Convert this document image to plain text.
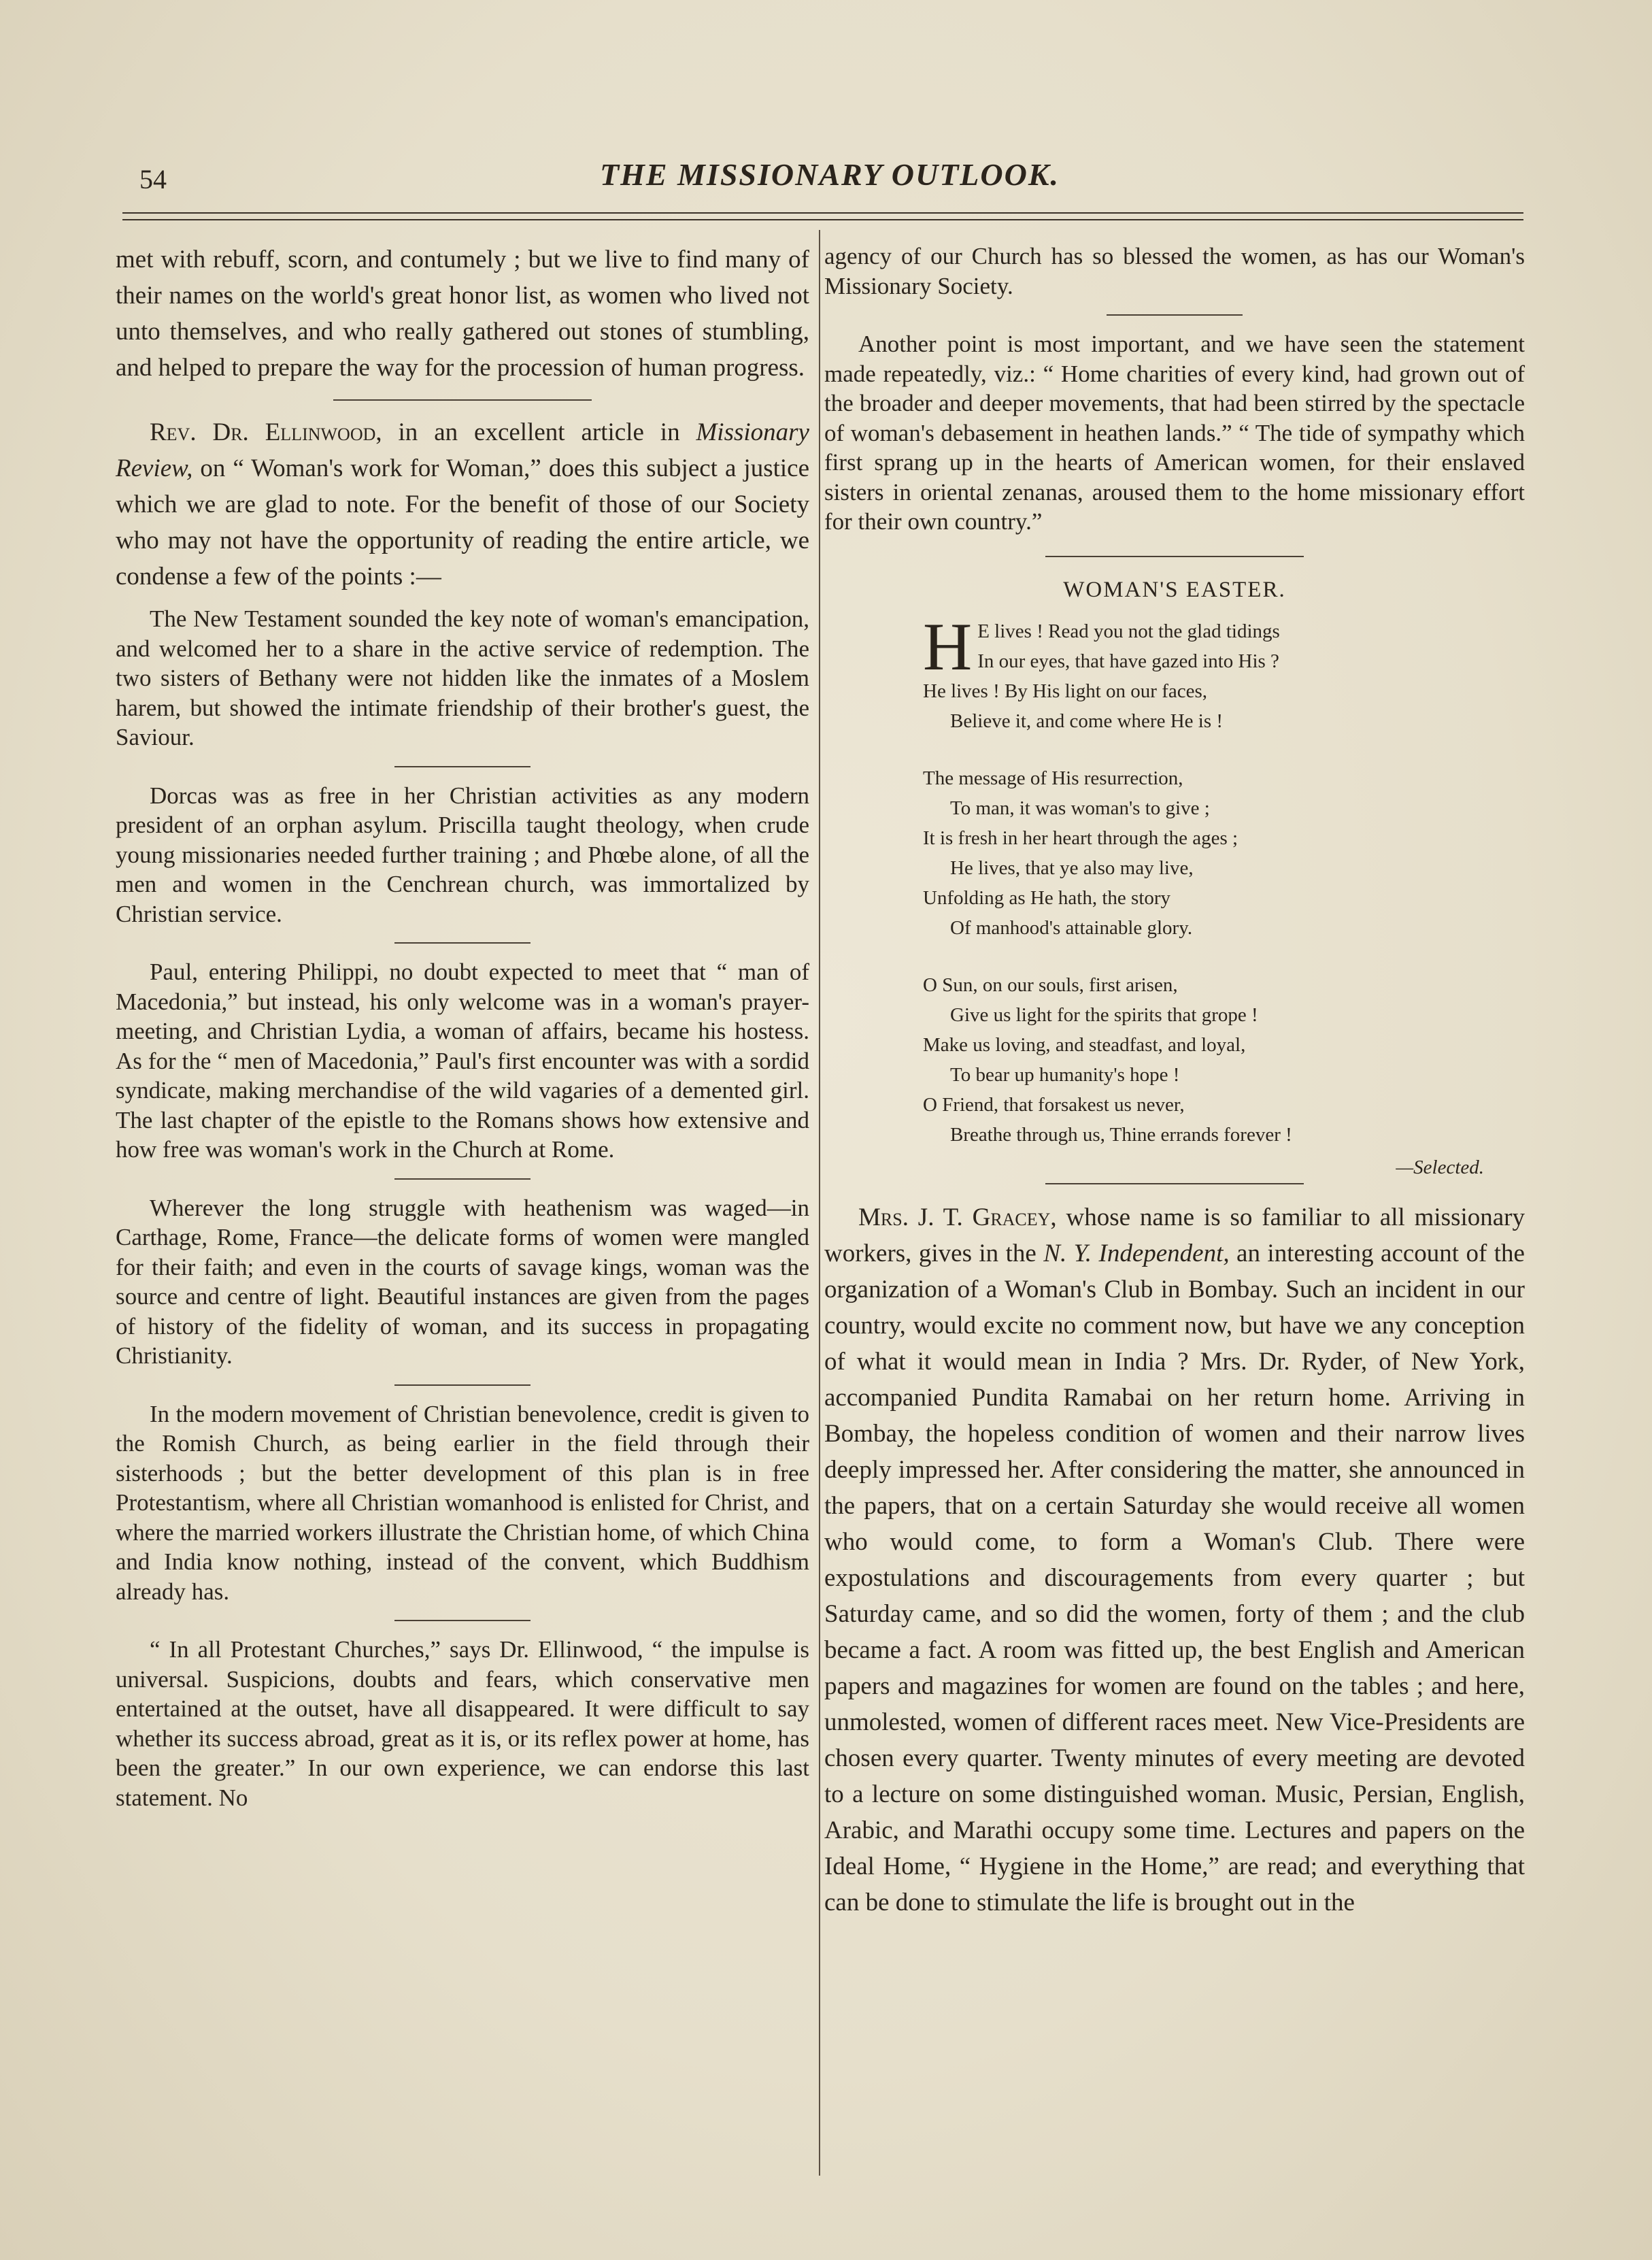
54	THE MISSIONARY OUTLOOK.

met with rebuff, scorn, and contumely ; but we live to find many of their names on the world's great honor list, as women who lived not unto themselves, and who really gathered out stones of stumbling, and helped to prepare the way for the procession of human progress.

Rev. Dr. Ellinwood, in an excellent article in Missionary Review, on “ Woman's work for Woman,” does this subject a justice which we are glad to note. For the benefit of those of our Society who may not have the opportunity of reading the entire article, we condense a few of the points :—

The New Testament sounded the key note of woman's emancipation, and welcomed her to a share in the active service of redemption. The two sisters of Bethany were not hidden like the inmates of a Moslem harem, but showed the intimate friendship of their brother's guest, the Saviour.

Dorcas was as free in her Christian activities as any modern president of an orphan asylum. Priscilla taught theology, when crude young missionaries needed further training ; and Phœbe alone, of all the men and women in the Cenchrean church, was immortalized by Christian service.

Paul, entering Philippi, no doubt expected to meet that “ man of Macedonia,” but instead, his only welcome was in a woman's prayer-meeting, and Christian Lydia, a woman of affairs, became his hostess. As for the “ men of Macedonia,” Paul's first encounter was with a sordid syndicate, making merchandise of the wild vagaries of a demented girl. The last chapter of the epistle to the Romans shows how extensive and how free was woman's work in the Church at Rome.

Wherever the long struggle with heathenism was waged—in Carthage, Rome, France—the delicate forms of women were mangled for their faith; and even in the courts of savage kings, woman was the source and centre of light. Beautiful instances are given from the pages of history of the fidelity of woman, and its success in propagating Christianity.

In the modern movement of Christian benevolence, credit is given to the Romish Church, as being earlier in the field through their sisterhoods ; but the better development of this plan is in free Protestantism, where all Christian womanhood is enlisted for Christ, and where the married workers illustrate the Christian home, of which China and India know nothing, instead of the convent, which Buddhism already has.

“ In all Protestant Churches,” says Dr. Ellinwood, “ the impulse is universal. Suspicions, doubts and fears, which conservative men entertained at the outset, have all disappeared. It were difficult to say whether its success abroad, great as it is, or its reflex power at home, has been the greater.” In our own experience, we can endorse this last statement. No

agency of our Church has so blessed the women, as has our Woman's Missionary Society.

Another point is most important, and we have seen the statement made repeatedly, viz.: “ Home charities of every kind, had grown out of the broader and deeper movements, that had been stirred by the spectacle of woman's debasement in heathen lands.” “ The tide of sympathy which first sprang up in the hearts of American women, for their enslaved sisters in oriental zenanas, aroused them to the home missionary effort for their own country.”

WOMAN'S EASTER.
H E lives ! Read you not the glad tidings
In our eyes, that have gazed into His ?
He lives ! By His light on our faces,
Believe it, and come where He is !
The message of His resurrection,
To man, it was woman's to give ;
It is fresh in her heart through the ages ;
He lives, that ye also may live,
Unfolding as He hath, the story
Of manhood's attainable glory.
O Sun, on our souls, first arisen,
Give us light for the spirits that grope !
Make us loving, and steadfast, and loyal,
To bear up humanity's hope !
O Friend, that forsakest us never,
Breathe through us, Thine errands forever !
—Selected.

Mrs. J. T. Gracey, whose name is so familiar to all missionary workers, gives in the N. Y. Independent, an interesting account of the organization of a Woman's Club in Bombay. Such an incident in our country, would excite no comment now, but have we any conception of what it would mean in India ? Mrs. Dr. Ryder, of New York, accompanied Pundita Ramabai on her return home. Arriving in Bombay, the hopeless condition of women and their narrow lives deeply impressed her. After considering the matter, she announced in the papers, that on a certain Saturday she would receive all women who would come, to form a Woman's Club. There were expostulations and discouragements from every quarter ; but Saturday came, and so did the women, forty of them ; and the club became a fact. A room was fitted up, the best English and American papers and magazines for women are found on the tables ; and here, unmolested, women of different races meet. New Vice-Presidents are chosen every quarter. Twenty minutes of every meeting are devoted to a lecture on some distinguished woman. Music, Persian, English, Arabic, and Marathi occupy some time. Lectures and papers on the Ideal Home, “ Hygiene in the Home,” are read; and everything that can be done to stimulate the life is brought out in the
